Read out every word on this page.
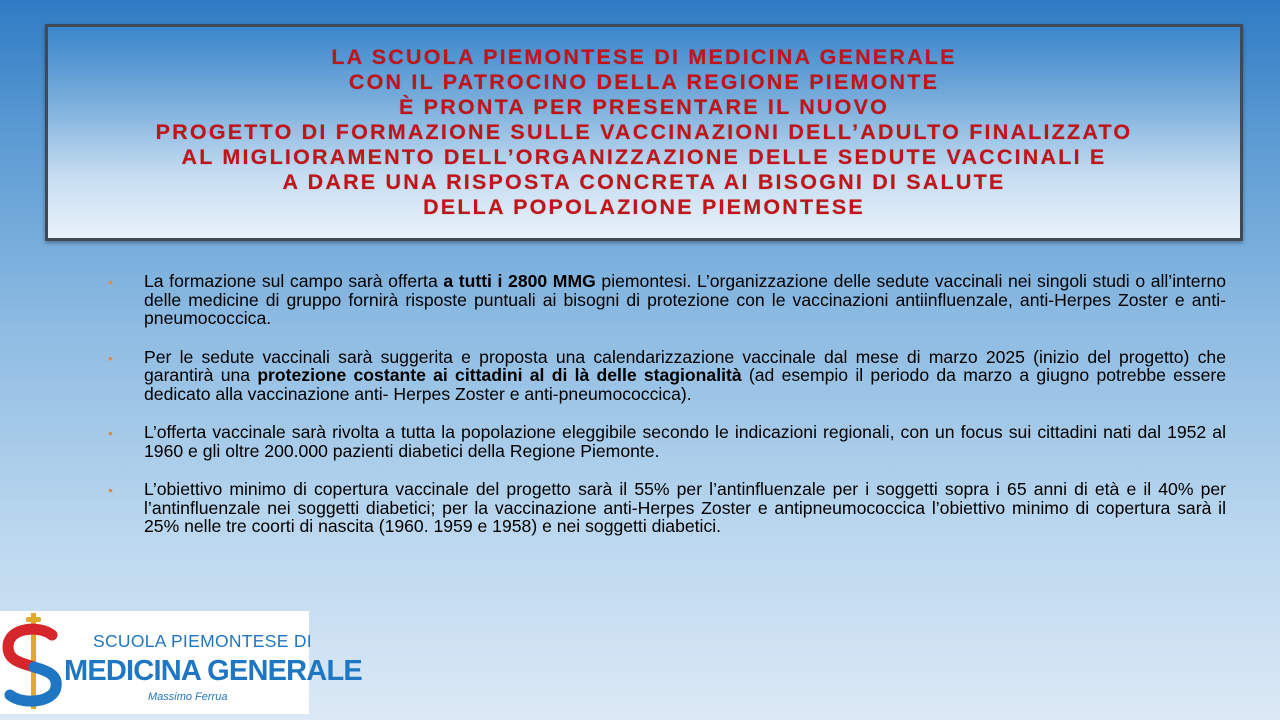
LA SCUOLA PIEMONTESE DI MEDICINA GENERALE
CON IL PATROCINO DELLA REGIONE PIEMONTE
È PRONTA PER PRESENTARE IL NUOVO
PROGETTO DI FORMAZIONE SULLE VACCINAZIONI DELL’ADULTO FINALIZZATO
AL MIGLIORAMENTO DELL’ORGANIZZAZIONE DELLE SEDUTE VACCINALI E
A DARE UNA RISPOSTA CONCRETA AI BISOGNI DI SALUTE
DELLA POPOLAZIONE PIEMONTESE
• La formazione sul campo sarà offerta a tutti i 2800 MMG piemontesi. L’organizzazione delle sedute vaccinali nei singoli studi o all’interno delle medicine di gruppo fornirà risposte puntuali ai bisogni di protezione con le vaccinazioni antiinfluenzale, anti-Herpes Zoster e anti-pneumococcica.
• Per le sedute vaccinali sarà suggerita e proposta una calendarizzazione vaccinale dal mese di marzo 2025 (inizio del progetto) che garantirà una protezione costante ai cittadini al di là delle stagionalità (ad esempio il periodo da marzo a giugno potrebbe essere dedicato alla vaccinazione anti- Herpes Zoster e anti-pneumococcica).
• L’offerta vaccinale sarà rivolta a tutta la popolazione eleggibile secondo le indicazioni regionali, con un focus sui cittadini nati dal 1952 al 1960 e gli oltre 200.000 pazienti diabetici della Regione Piemonte.
• L’obiettivo minimo di copertura vaccinale del progetto sarà il 55% per l’antinfluenzale per i soggetti sopra i 65 anni di età e il 40% per l’antinfluenzale nei soggetti diabetici; per la vaccinazione anti-Herpes Zoster e antipneumococcica l’obiettivo minimo di copertura sarà il 25% nelle tre coorti di nascita (1960. 1959 e 1958) e nei soggetti diabetici.
SCUOLA PIEMONTESE DI
MEDICINA GENERALE
Massimo Ferrua
